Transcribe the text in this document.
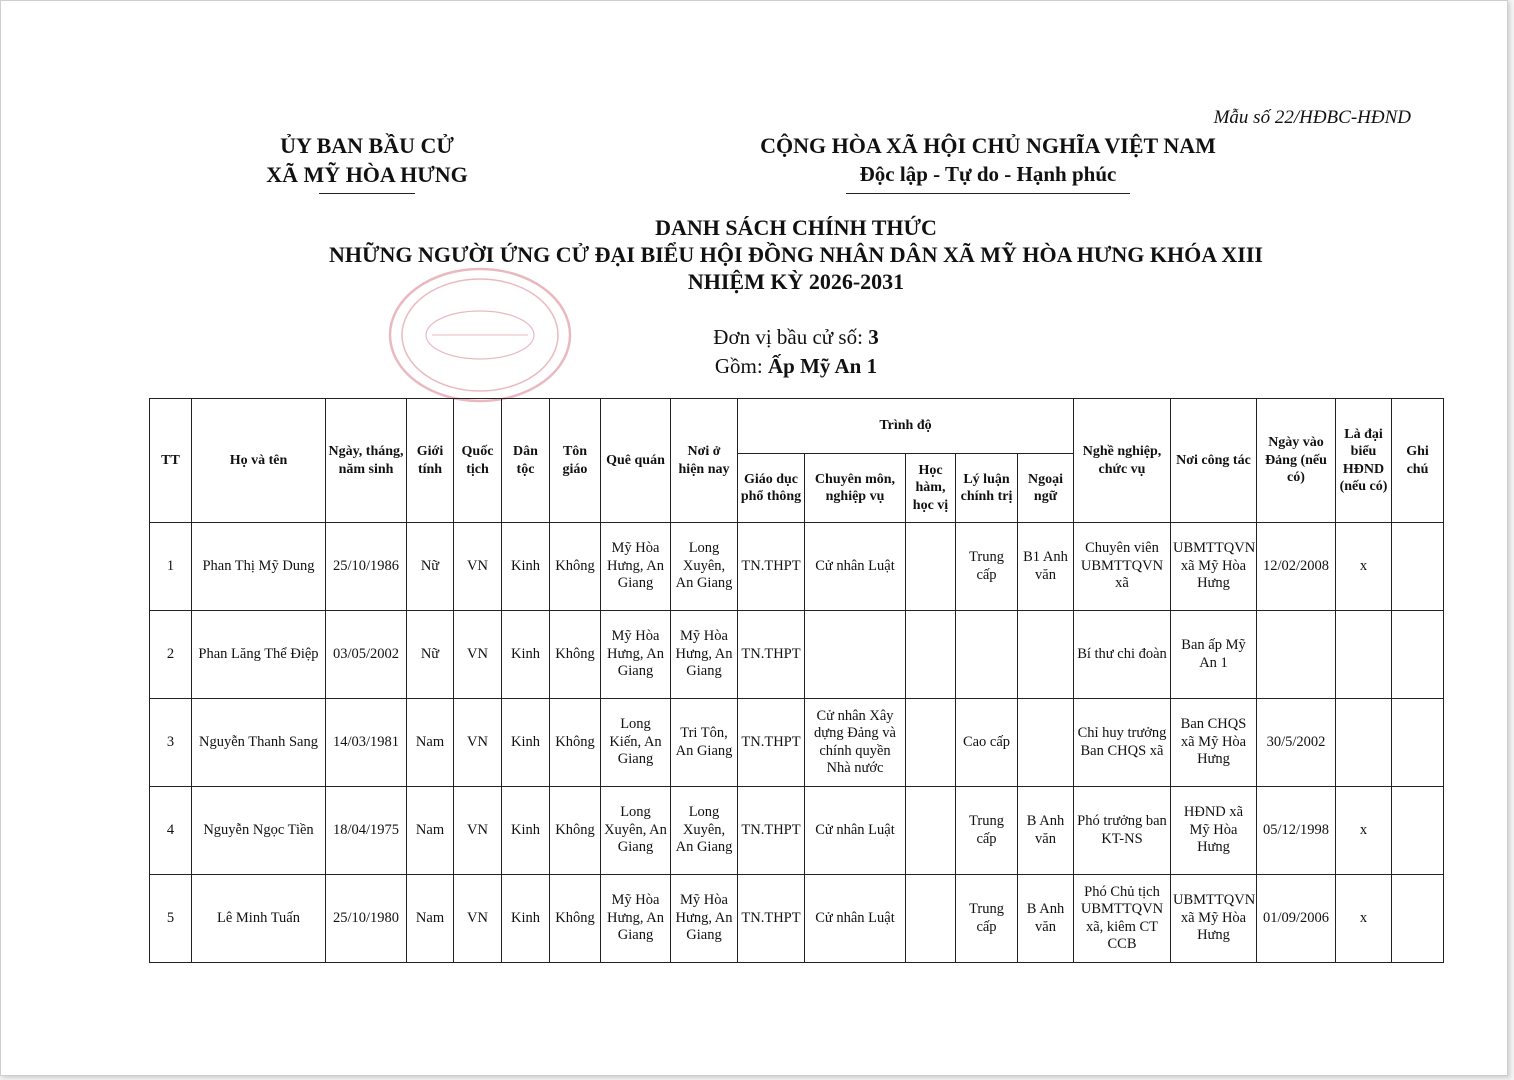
Mẫu số 22/HĐBC-HĐND
ỦY BAN BẦU CỬ
XÃ MỸ HÒA HƯNG
CỘNG HÒA XÃ HỘI CHỦ NGHĨA VIỆT NAM
Độc lập - Tự do - Hạnh phúc
DANH SÁCH CHÍNH THỨC
NHỮNG NGƯỜI ỨNG CỬ ĐẠI BIỂU HỘI ĐỒNG NHÂN DÂN XÃ MỸ HÒA HƯNG KHÓA XIII
NHIỆM KỲ 2026-2031
Đơn vị bầu cử số: 3
Gồm: Ấp Mỹ An 1
TT	Họ và tên	Ngày, tháng, năm sinh	Giới tính	Quốc tịch	Dân tộc	Tôn giáo	Quê quán	Nơi ở hiện nay	Trình độ					Nghề nghiệp, chức vụ	Nơi công tác	Ngày vào Đảng (nếu có)	Là đại biểu HĐND (nếu có)	Ghi chú
									Giáo dục phổ thông	Chuyên môn, nghiệp vụ	Học hàm, học vị	Lý luận chính trị	Ngoại ngữ					
1	Phan Thị Mỹ Dung	25/10/1986	Nữ	VN	Kinh	Không	Mỹ Hòa Hưng, An Giang	Long Xuyên, An Giang	TN.THPT	Cử nhân Luật		Trung cấp	B1 Anh văn	Chuyên viên UBMTTQVN xã	UBMTTQVN xã Mỹ Hòa Hưng	12/02/2008	x	
2	Phan Lăng Thể Điệp	03/05/2002	Nữ	VN	Kinh	Không	Mỹ Hòa Hưng, An Giang	Mỹ Hòa Hưng, An Giang	TN.THPT					Bí thư chi đoàn	Ban ấp Mỹ An 1			
3	Nguyễn Thanh Sang	14/03/1981	Nam	VN	Kinh	Không	Long Kiến, An Giang	Tri Tôn, An Giang	TN.THPT	Cử nhân Xây dựng Đảng và chính quyền Nhà nước		Cao cấp		Chỉ huy trưởng Ban CHQS xã	Ban CHQS xã Mỹ Hòa Hưng	30/5/2002		
4	Nguyễn Ngọc Tiền	18/04/1975	Nam	VN	Kinh	Không	Long Xuyên, An Giang	Long Xuyên, An Giang	TN.THPT	Cử nhân Luật		Trung cấp	B Anh văn	Phó trưởng ban KT-NS	HĐND xã Mỹ Hòa Hưng	05/12/1998	x	
5	Lê Minh Tuấn	25/10/1980	Nam	VN	Kinh	Không	Mỹ Hòa Hưng, An Giang	Mỹ Hòa Hưng, An Giang	TN.THPT	Cử nhân Luật		Trung cấp	B Anh văn	Phó Chủ tịch UBMTTQVN xã, kiêm CT CCB	UBMTTQVN xã Mỹ Hòa Hưng	01/09/2006	x	
